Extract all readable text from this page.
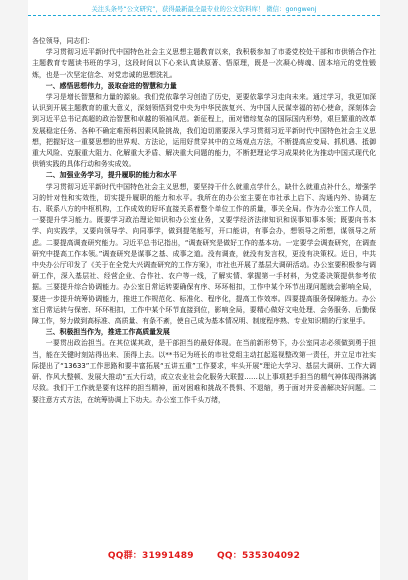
关注头条号“公文研究”，获得最新最全最专业的公文资料库！ 微信：gongwenj

各位领导，同志们：

学习贯彻习近平新时代中国特色社会主义思想主题教育以来，我积极参加了市委党校处干部和市供销合作社主题教育专题读书班的学习，这段时间以下心来认真读原著、悟原理，既是一次凝心铸魂、固本培元的党性锻炼，也是一次坚定信念、对党忠诚的思想洗礼。

一、感悟思想伟力，汲取奋进的智慧和力量

学习是增长智慧和力量的源泉。我们党依靠学习创造了历史，更要依靠学习走向未来。通过学习，我更加深认识到开展主题教育的重大意义，深刻领悟到党中央为中华民族复兴、为中国人民谋幸福的初心使命，深刻体会到习近平总书记高超的政治智慧和卓越的领袖风范。新征程上，面对错综复杂的国际国内形势，艰巨繁重的改革发展稳定任务、各种不确定难预料因素风险挑战，我们迫切需要深入学习贯彻习近平新时代中国特色社会主义思想，把握好这一重要思想的世界观、方法论，运用好贯穿其中的立场观点方法，不断提高应变局、抓机遇、抵御重大风险、克服重大阻力、化解重大矛盾、解决重大问题的能力，不断把理论学习成果转化为推动中国式现代化供销实践的具体行动和务实成效。

二、加强业务学习，提升履职的能力和水平

学习贯彻习近平新时代中国特色社会主义思想，要坚持干什么就重点学什么，缺什么就重点补什么，增强学习的针对性和实效性，切实提升履职的能力和水平。我所在的办公室主要在市社承上启下、沟通内外、协调左右、联系八方的中枢机构，工作成效的好坏直接关系着整个单位工作的质量，事关全局。作为办公室工作人员，一要提升学习能力。既要学习政治理论知识和办公室业务，又要学经济法律知识和误事知事本领；既要向书本学、向实践学，又要向领导学、向同事学，做到提笔能写，开口能讲，有事会办，想领导之所想，谋领导之所虑。二要提高调查研究能力。习近平总书记指出，“调查研究是做好工作的基本功。一定要学会调查研究，在调查研究中提高工作本领。”调查研究是谋事之基、成事之道。没有调查，就没有发言权，更没有决策权。近日，中共中央办公厅印发了《关于在全党大兴调查研究的工作方案》，市社也开展了基层大调研活动。办公室要积极参与调研工作，深入基层社、经营企业、合作社、农户等一线，了解实情、掌握第一手材料，为党委决策提供参考依据。三要提升综合协调能力。办公室日常运转要确保有序、环环相扣，工作中某个环节出现问题就会影响全局，要进一步提升统筹协调能力，推进工作规范化、标准化、程序化，提高工作效率。四要提高服务保障能力。办公室日常运转与保密、环环相扣，工作中某个环节直接到位，影响全局，要精心做好文电处理、会务服务、后勤保障工作，努力做到高标准、高质量、有条不紊，使自己成为基本情况明、制度程序熟、专业知识精的行家里手。

三、积极担当作为，推进工作高质量发展

一要贯出政治担当。在其位谋其政，是干部担当的最好体现。在当前新形势下，办公室同志必须做到勇于担当，能在关键时刻站得出来、顶得上去。以**书记为班长的市社党组主动扛起巡视整改第一责任，并立足市社实际提出了“13633”工作思路和要丰富拓展“五讲五重”工作要求，牢头开展“理论大学习、基层大调研、工作大调研、作风大整顿、发展大推动”五大行动，成立农业社会化服务大联盟……以上事项把手担当的精气神体现得淋漓尽致。我们干工作就是要有这样的担当精神，面对困难和挑战不畏惧、不退缩，勇于面对并妥善解决好问题。二要注意方式方法，在统筹协调上下功夫。办公室工作千头万绪，

QQ群：31991489	QQ：535304092
